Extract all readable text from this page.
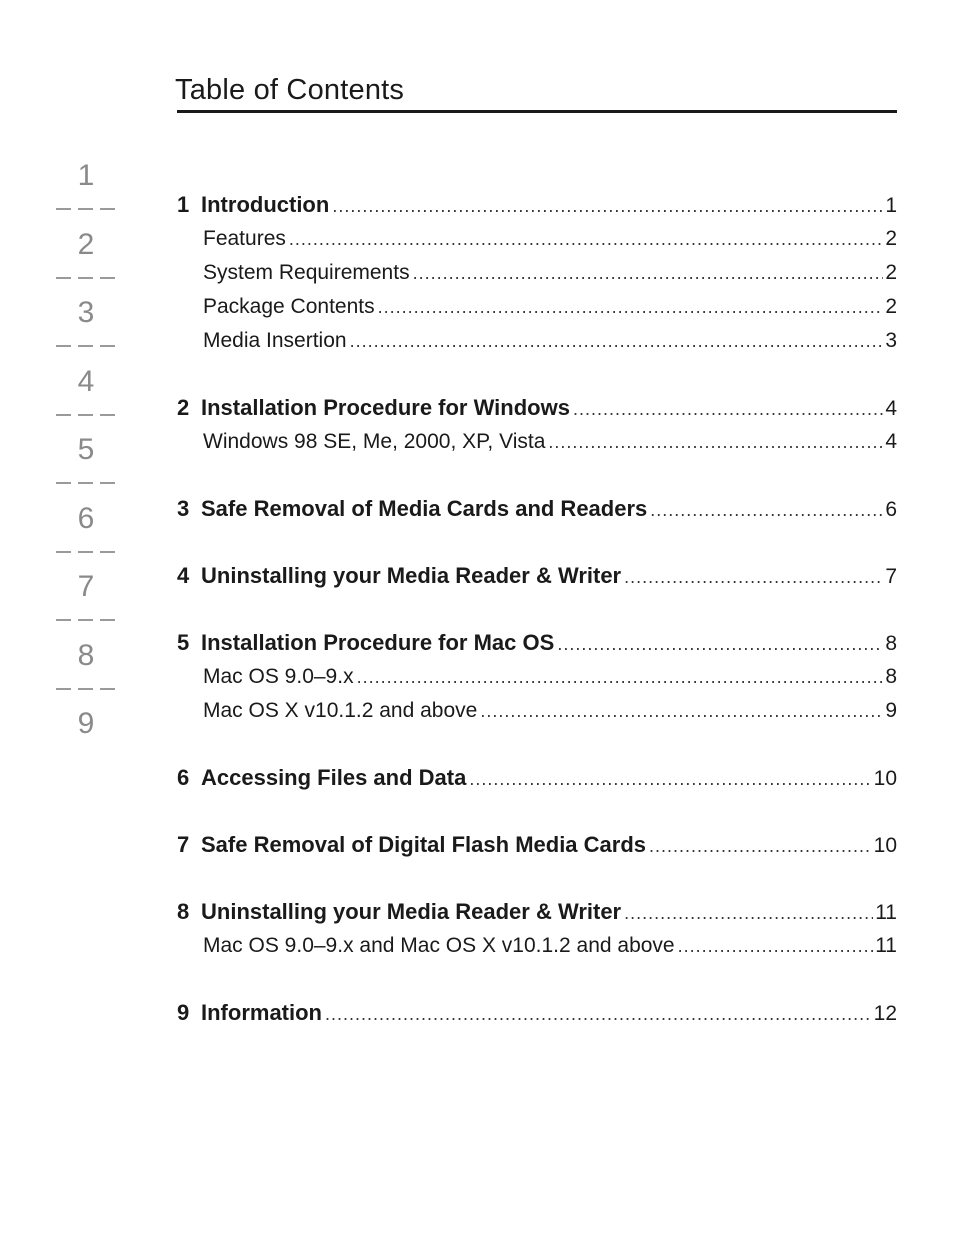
Table of Contents
1
2
3
4
5
6
7
8
9
1 Introduction .....	1
Features .....	2
System Requirements .....	2
Package Contents .....	2
Media Insertion .....	3
2 Installation Procedure for Windows .....	4
Windows 98 SE, Me, 2000, XP, Vista .....	4
3 Safe Removal of Media Cards and Readers .....	6
4 Uninstalling your Media Reader & Writer .....	7
5 Installation Procedure for Mac OS .....	8
Mac OS 9.0–9.x .....	8
Mac OS X v10.1.2 and above .....	9
6 Accessing Files and Data .....	10
7 Safe Removal of Digital Flash Media Cards .....	10
8 Uninstalling your Media Reader & Writer .....	11
Mac OS 9.0–9.x and Mac OS X v10.1.2 and above .....	11
9 Information .....	12
